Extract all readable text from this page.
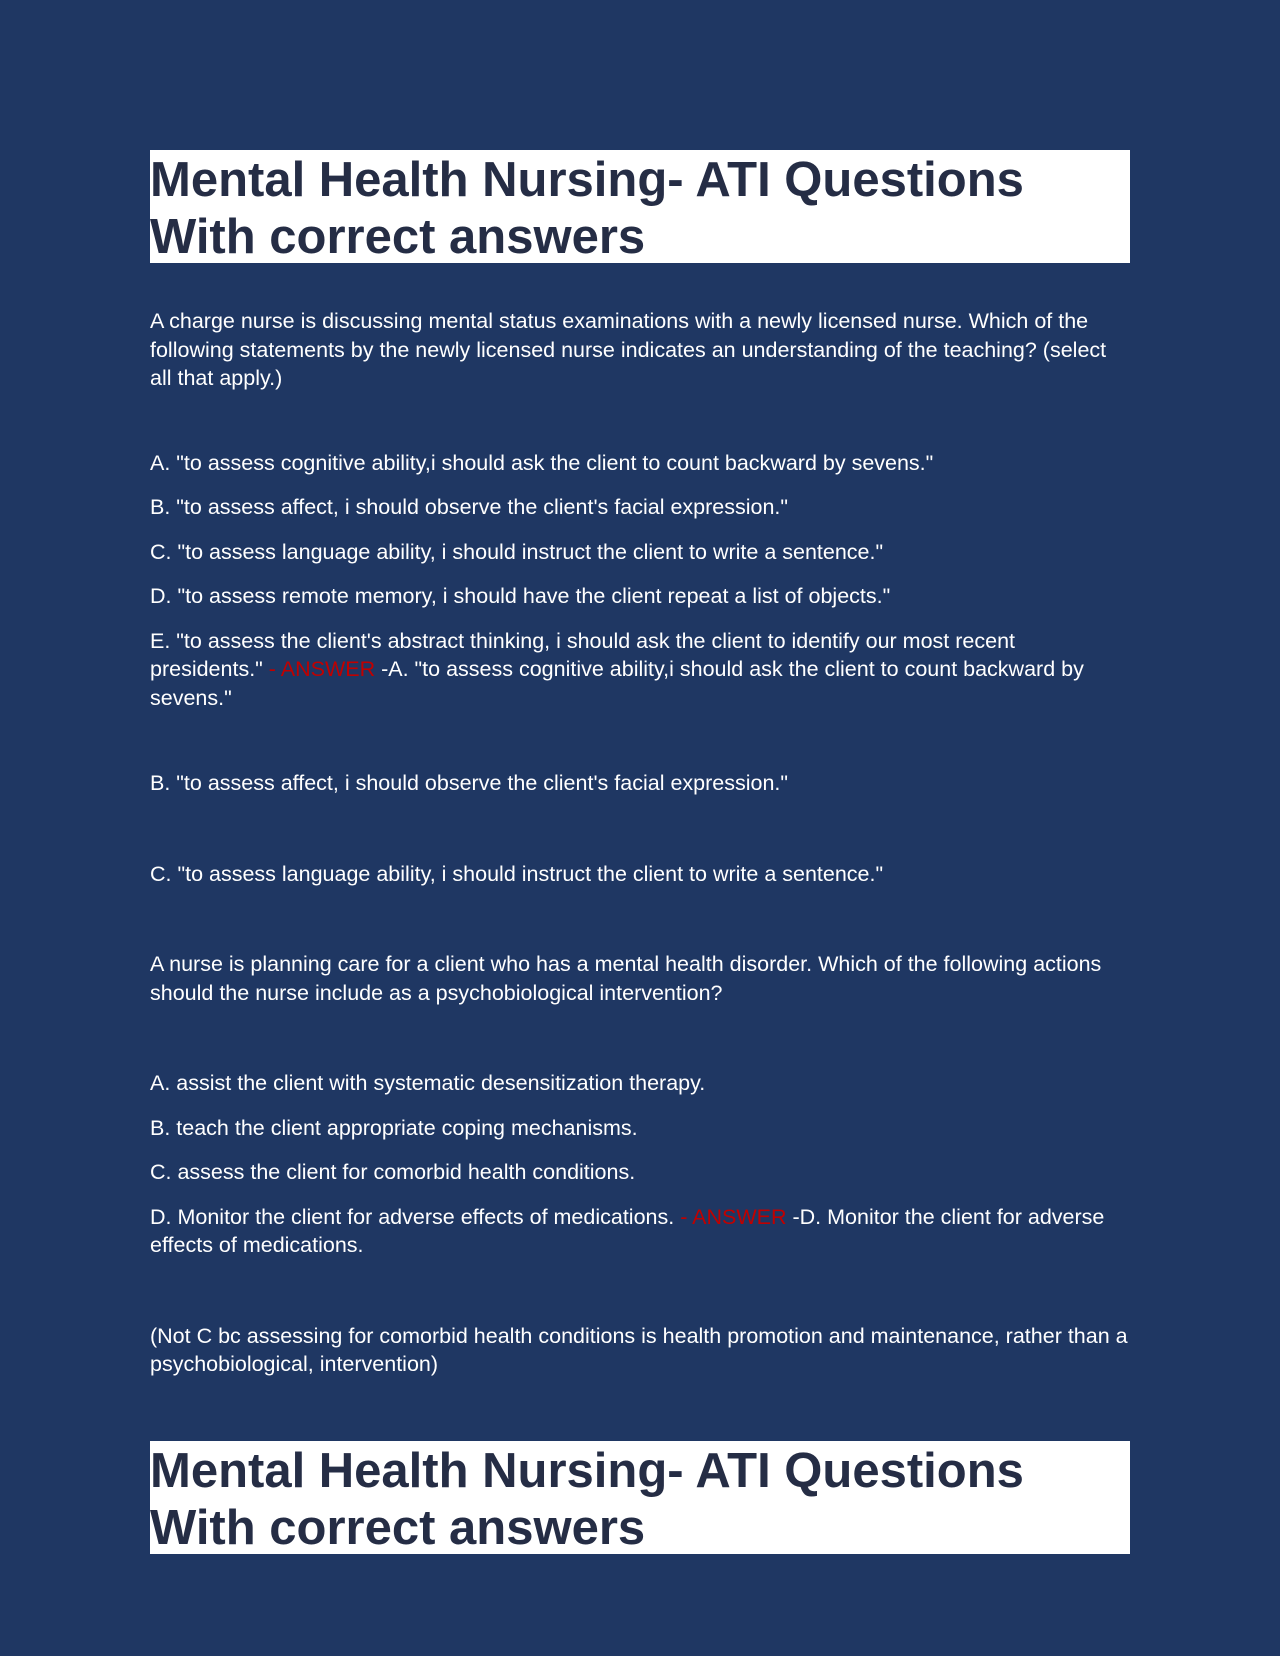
Mental Health Nursing- ATI Questions With correct answers

A charge nurse is discussing mental status examinations with a newly licensed nurse. Which of the following statements by the newly licensed nurse indicates an understanding of the teaching? (select all that apply.)

A. "to assess cognitive ability,i should ask the client to count backward by sevens."

B. "to assess affect, i should observe the client's facial expression."

C. "to assess language ability, i should instruct the client to write a sentence."

D. "to assess remote memory, i should have the client repeat a list of objects."

E. "to assess the client's abstract thinking, i should ask the client to identify our most recent presidents." - ANSWER -A. "to assess cognitive ability,i should ask the client to count backward by sevens."

B. "to assess affect, i should observe the client's facial expression."

C. "to assess language ability, i should instruct the client to write a sentence."

A nurse is planning care for a client who has a mental health disorder. Which of the following actions should the nurse include as a psychobiological intervention?

A. assist the client with systematic desensitization therapy.

B. teach the client appropriate coping mechanisms.

C. assess the client for comorbid health conditions.

D. Monitor the client for adverse effects of medications. - ANSWER -D. Monitor the client for adverse effects of medications.

(Not C bc assessing for comorbid health conditions is health promotion and maintenance, rather than a psychobiological, intervention)

Mental Health Nursing- ATI Questions With correct answers
